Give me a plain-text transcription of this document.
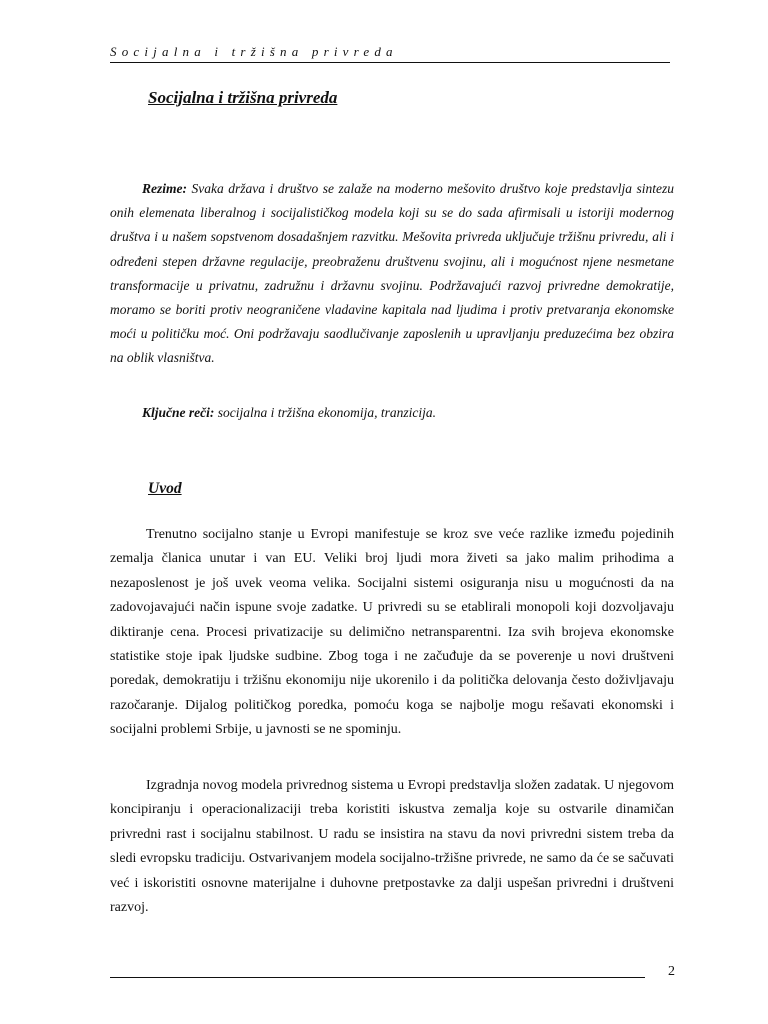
Socijalna i tržišna privreda
Socijalna i tržišna privreda

Rezime: Svaka država i društvo se zalaže na moderno mešovito društvo koje predstavlja sintezu onih elemenata liberalnog i socijalističkog modela koji su se do sada afirmisali u istoriji modernog društva i u našem sopstvenom dosadašnjem razvitku. Mešovita privreda uključuje tržišnu privredu, ali i određeni stepen državne regulacije, preobraženu društvenu svojinu, ali i mogućnost njene nesmetane transformacije u privatnu, zadružnu i državnu svojinu. Podržavajući razvoj privredne demokratije, moramo se boriti protiv neograničene vladavine kapitala nad ljudima i protiv pretvaranja ekonomske moći u političku moć. Oni podržavaju saodlučivanje zaposlenih u upravljanju preduzećima bez obzira na oblik vlasništva.

Ključne reči: socijalna i tržišna ekonomija, tranzicija.

Uvod

Trenutno socijalno stanje u Evropi manifestuje se kroz sve veće razlike između pojedinih zemalja članica unutar i van EU. Veliki broj ljudi mora živeti sa jako malim prihodima a nezaposlenost je još uvek veoma velika. Socijalni sistemi osiguranja nisu u mogućnosti da na zadovojavajući način ispune svoje zadatke. U privredi su se etablirali monopoli koji dozvoljavaju diktiranje cena. Procesi privatizacije su delimično netransparentni. Iza svih brojeva ekonomske statistike stoje ipak ljudske sudbine. Zbog toga i ne začuđuje da se poverenje u novi društveni poredak, demokratiju i tržišnu ekonomiju nije ukorenilo i da politička delovanja često doživljavaju razočaranje. Dijalog političkog poredka, pomoću koga se najbolje mogu rešavati ekonomski i socijalni problemi Srbije, u javnosti se ne spominju.

Izgradnja novog modela privrednog sistema u Evropi predstavlja složen zadatak. U njegovom koncipiranju i operacionalizaciji treba koristiti iskustva zemalja koje su ostvarile dinamičan privredni rast i socijalnu stabilnost. U radu se insistira na stavu da novi privredni sistem treba da sledi evropsku tradiciju. Ostvarivanjem modela socijalno-tržišne privrede, ne samo da će se sačuvati već i iskoristiti osnovne materijalne i duhovne pretpostavke za dalji uspešan privredni i društveni razvoj.

2
